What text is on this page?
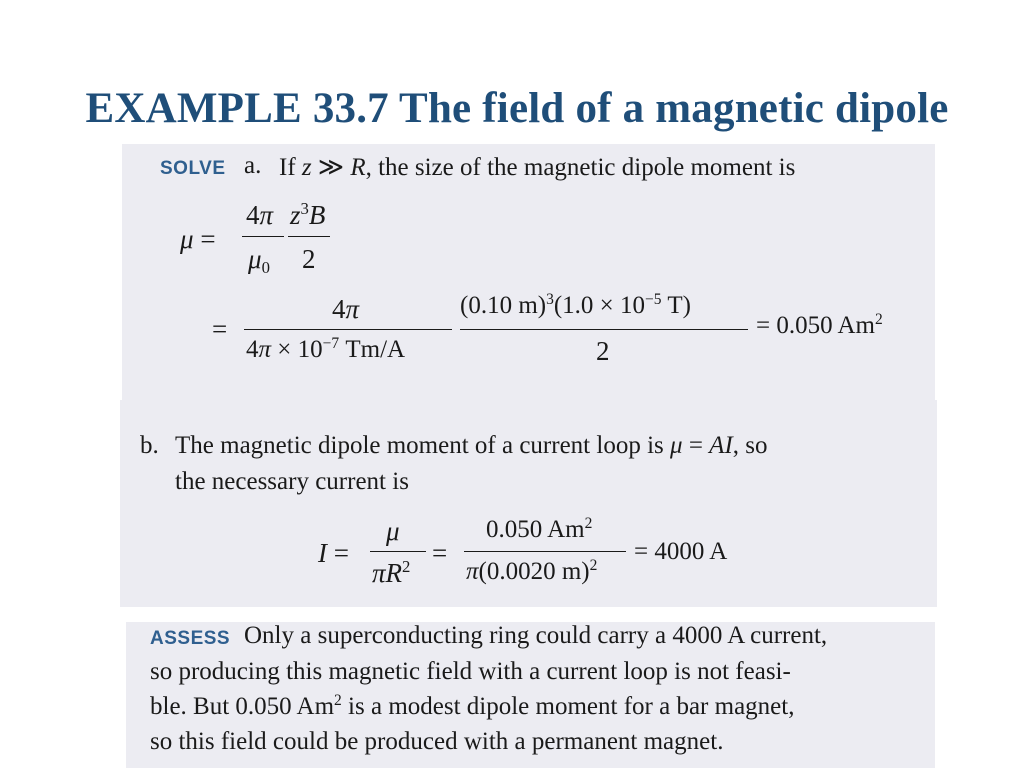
EXAMPLE 33.7 The field of a magnetic dipole
SOLVE a. If z ≫ R, the size of the magnetic dipole moment is
μ =
4π
$\mu_0$
$z^3B$
2
=
4π
$4\pi \times 10^{-7}$ Tm/A
(0.10 $m)^3(1.0 \times 10^{-5}$ T)
2
= 0.050 Am$^2$
b. The magnetic dipole moment of a current loop is μ = AI, so
the necessary current is
I =
μ
$\pi R^2$ =
0.050 Am$^2$
π(0.0020 m)$^2$
= 4000 A
ASSESS Only a superconducting ring could carry a 4000 A current,
so producing this magnetic field with a current loop is not feasi-
ble. But 0.050 Am$^2$ is a modest dipole moment for a bar magnet,
so this field could be produced with a permanent magnet.
